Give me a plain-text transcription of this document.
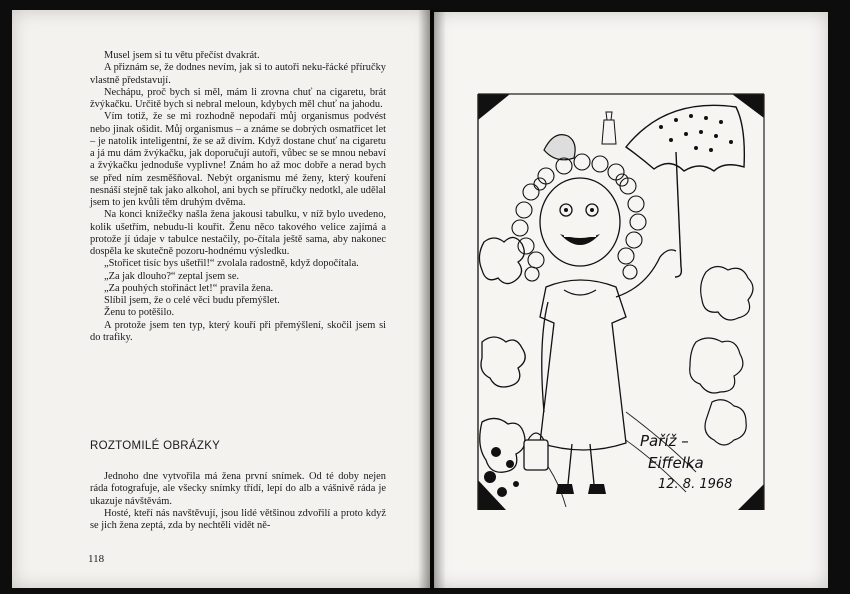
Musel jsem si tu větu přečíst dvakrát.

A přiznám se, že dodnes nevím, jak si to autoři neku-řácké příručky vlastně představují.

Nechápu, proč bych si měl, mám li zrovna chuť na cigaretu, brát žvýkačku. Určitě bych si nebral meloun, kdybych měl chuť na jahodu.

Vím totiž, že se mi rozhodně nepodaří můj organismus podvést nebo jinak ošidit. Můj organismus – a známe se dobrých osmatřicet let – je natolik inteligentní, že se až divím. Když dostane chuť na cigaretu a já mu dám žvýkačku, jak doporučují autoři, vůbec se se mnou nebaví a žvýkačku jednoduše vyplivne! Znám ho až moc dobře a nerad bych se před ním zesměšňoval. Nebýt organismu mé ženy, který kouření nesnáší stejně tak jako alkohol, ani bych se příručky nedotkl, ale udělal jsem to jen kvůli těm druhým dvěma.

Na konci knížečky našla žena jakousi tabulku, v níž bylo uvedeno, kolik ušetřím, nebudu-li kouřit. Ženu něco takového velice zajímá a protože jí údaje v tabulce nestačily, po-čítala ještě sama, aby nakonec dospěla ke skutečně pozoru-hodnému výsledku.

„Stořicet tisíc bys ušetřil!“ zvolala radostně, když dopočítala.

„Za jak dlouho?“ zeptal jsem se.

„Za pouhých stořináct let!“ pravila žena.

Slíbil jsem, že o celé věci budu přemýšlet.

Ženu to potěšilo.

A protože jsem ten typ, který kouří při přemýšlení, skočil jsem si do trafiky.

ROZTOMILÉ OBRÁZKY

Jednoho dne vytvořila má žena první snímek. Od té doby nejen ráda fotografuje, ale všecky snímky třídí, lepí do alb a vášnivě ráda je ukazuje návštěvám.

Hosté, kteří nás navštěvují, jsou lidé většinou zdvořilí a proto když se jich žena zeptá, zda by nechtěli vidět ně-

118
Paříž –
Eiffelka
12. 8. 1968
